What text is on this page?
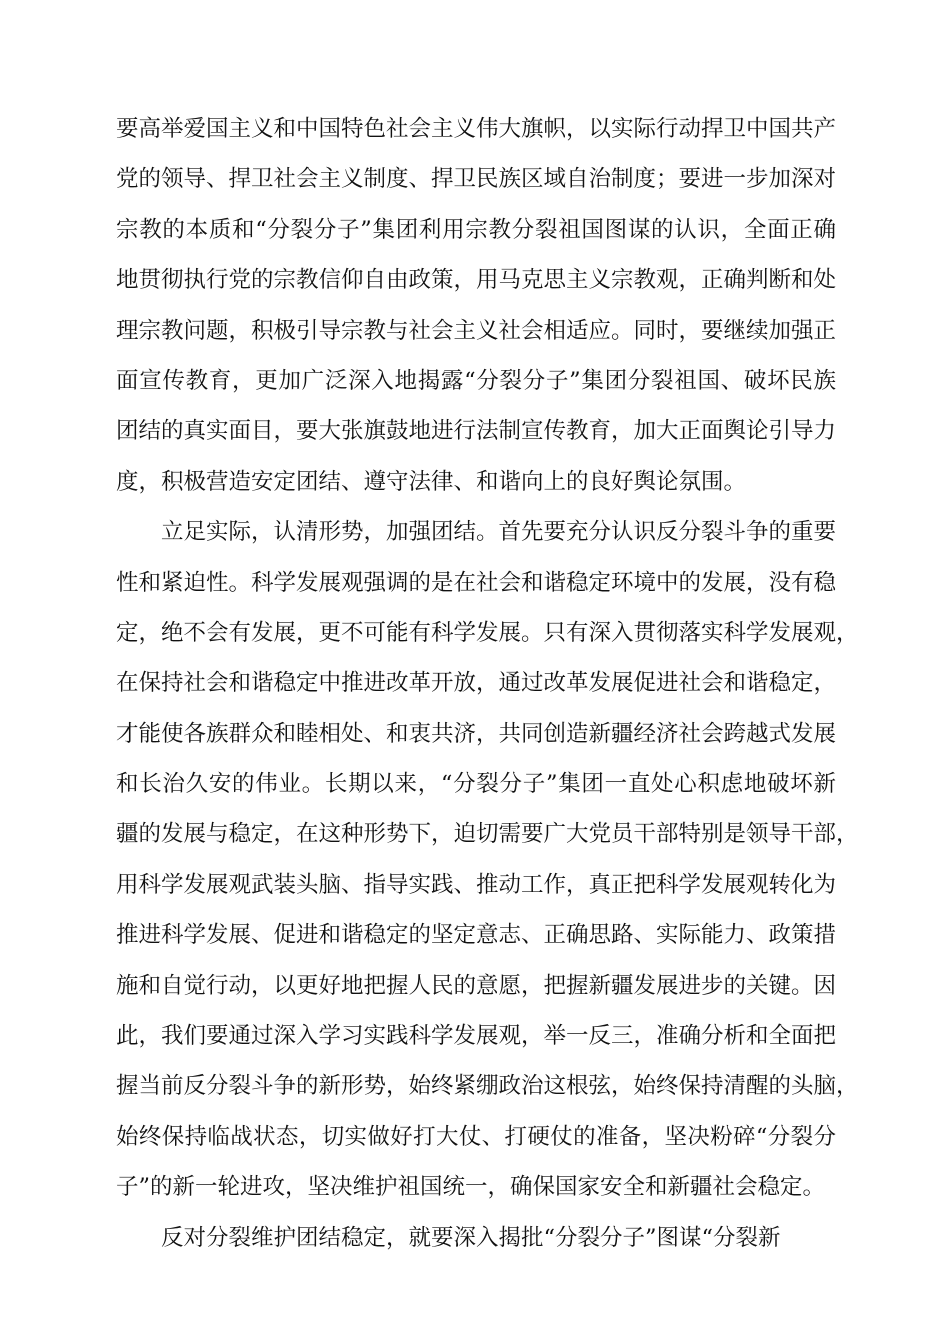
要高举爱国主义和中国特色社会主义伟大旗帜，以实际行动捍卫中国共产
党的领导、捍卫社会主义制度、捍卫民族区域自治制度；要进一步加深对
宗教的本质和“分裂分子”集团利用宗教分裂祖国图谋的认识，全面正确
地贯彻执行党的宗教信仰自由政策，用马克思主义宗教观，正确判断和处
理宗教问题，积极引导宗教与社会主义社会相适应。同时，要继续加强正
面宣传教育，更加广泛深入地揭露“分裂分子”集团分裂祖国、破坏民族
团结的真实面目，要大张旗鼓地进行法制宣传教育，加大正面舆论引导力
度，积极营造安定团结、遵守法律、和谐向上的良好舆论氛围。
立足实际，认清形势，加强团结。首先要充分认识反分裂斗争的重要
性和紧迫性。科学发展观强调的是在社会和谐稳定环境中的发展，没有稳
定，绝不会有发展，更不可能有科学发展。只有深入贯彻落实科学发展观，
在保持社会和谐稳定中推进改革开放，通过改革发展促进社会和谐稳定，
才能使各族群众和睦相处、和衷共济，共同创造新疆经济社会跨越式发展
和长治久安的伟业。长期以来，“分裂分子”集团一直处心积虑地破坏新
疆的发展与稳定，在这种形势下，迫切需要广大党员干部特别是领导干部，
用科学发展观武装头脑、指导实践、推动工作，真正把科学发展观转化为
推进科学发展、促进和谐稳定的坚定意志、正确思路、实际能力、政策措
施和自觉行动，以更好地把握人民的意愿，把握新疆发展进步的关键。因
此，我们要通过深入学习实践科学发展观，举一反三，准确分析和全面把
握当前反分裂斗争的新形势，始终紧绷政治这根弦，始终保持清醒的头脑，
始终保持临战状态，切实做好打大仗、打硬仗的准备，坚决粉碎“分裂分
子”的新一轮进攻，坚决维护祖国统一，确保国家安全和新疆社会稳定。
反对分裂维护团结稳定，就要深入揭批“分裂分子”图谋“分裂新
